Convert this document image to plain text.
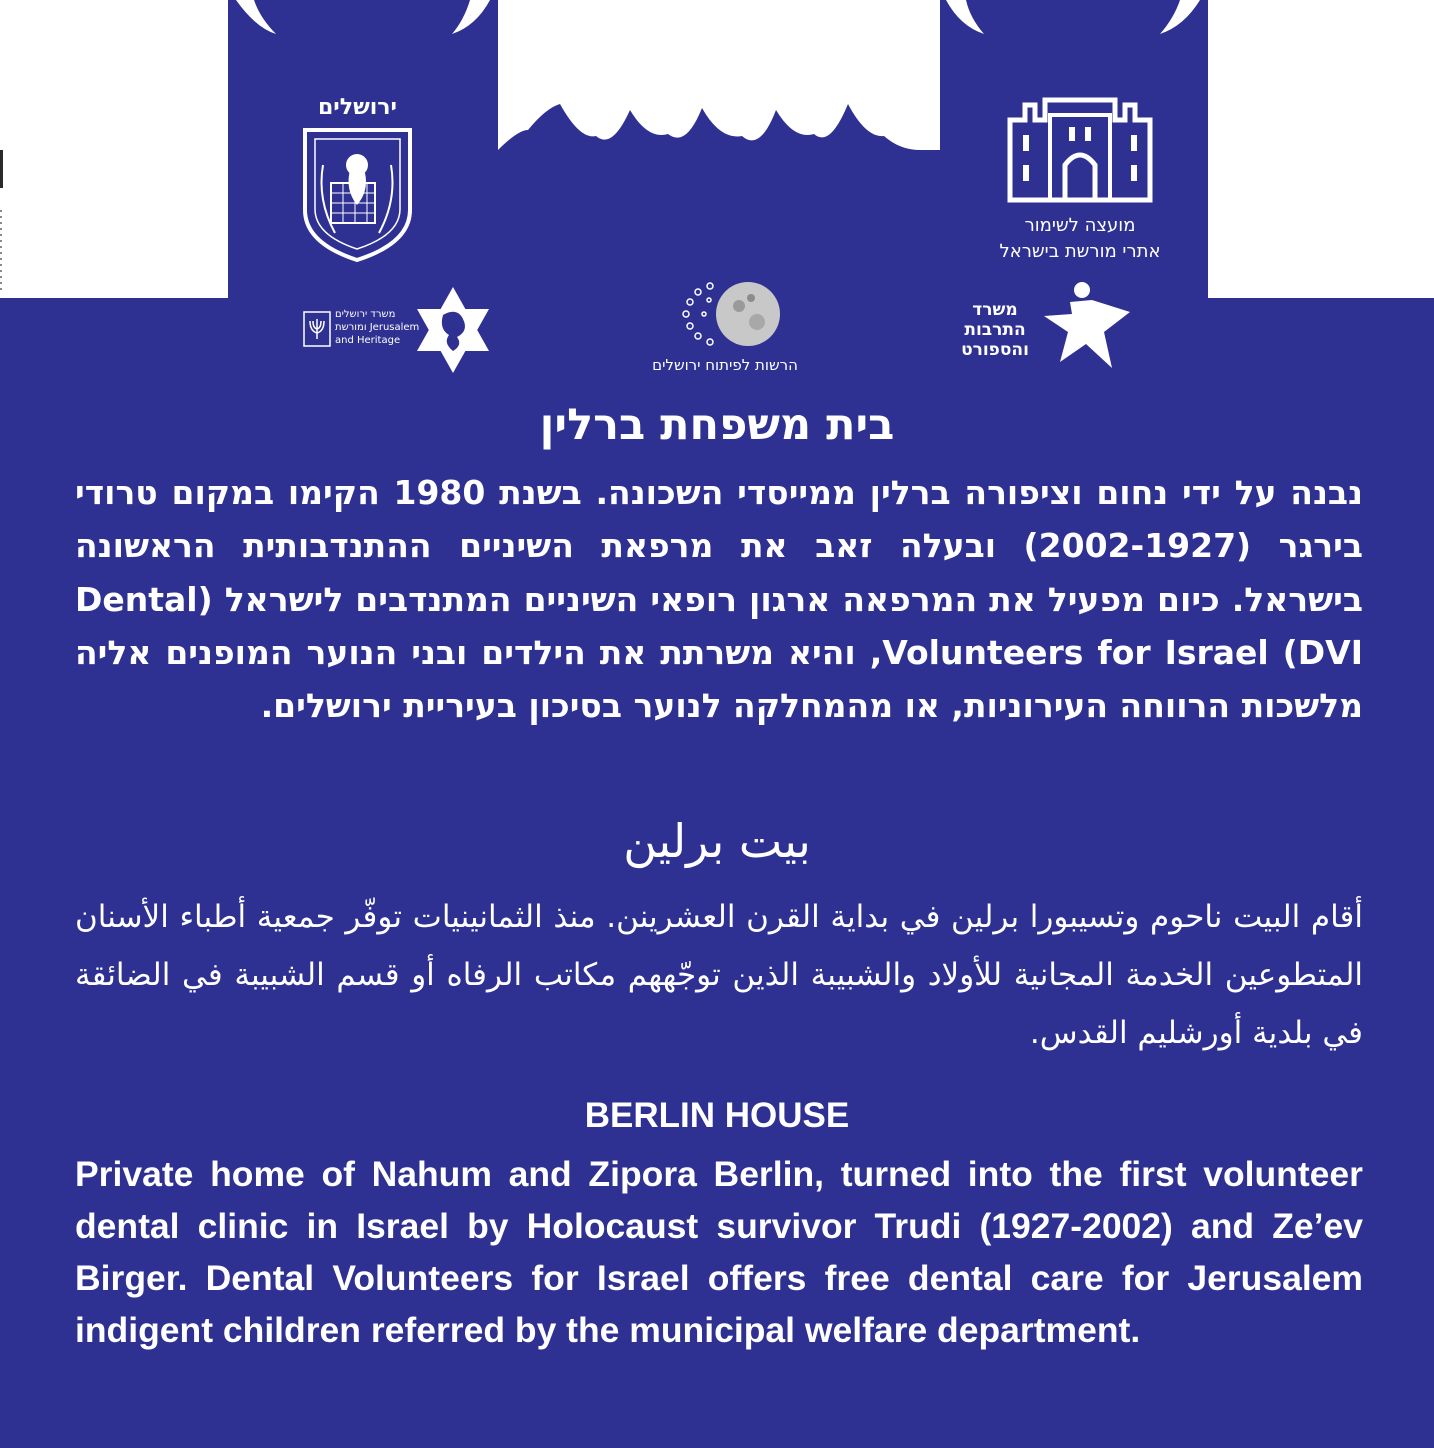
ירושלים
מועצה לשימור
אתרי מורשת בישראל
משרד ירושלים
ומורשת Jerusalem
and Heritage
הרשות לפיתוח ירושלים
משרד
התרבות
והספורט
בית משפחת ברלין
נבנה על ידי נחום וציפורה ברלין ממייסדי השכונה. בשנת 1980 הקימו במקום טרודי בירגר (2002-1927) ובעלה זאב את מרפאת השיניים ההתנדבותית הראשונה בישראל. כיום מפעיל את המרפאה ארגון רופאי השיניים המתנדבים לישראל (Dental Volunteers for Israel (DVI, והיא משרתת את הילדים ובני הנוער המופנים אליה מלשכות הרווחה העירוניות, או מהמחלקה לנוער בסיכון בעיריית ירושלים.
بيت برلين
أقام البيت ناحوم وتسيبورا برلين في بداية القرن العشرينن. منذ الثمانينيات توفّر جمعية أطباء الأسنان المتطوعين الخدمة المجانية للأولاد والشبيبة الذين توجّههم مكاتب الرفاه أو قسم الشبيبة في الضائقة في بلدية أورشليم القدس.
BERLIN HOUSE
Private home of Nahum and Zipora Berlin, turned into the first volunteer dental clinic in Israel by Holocaust survivor Trudi (1927-2002) and Ze’ev Birger. Dental Volunteers for Israel offers free dental care for Jerusalem indigent children referred by the municipal welfare department.
